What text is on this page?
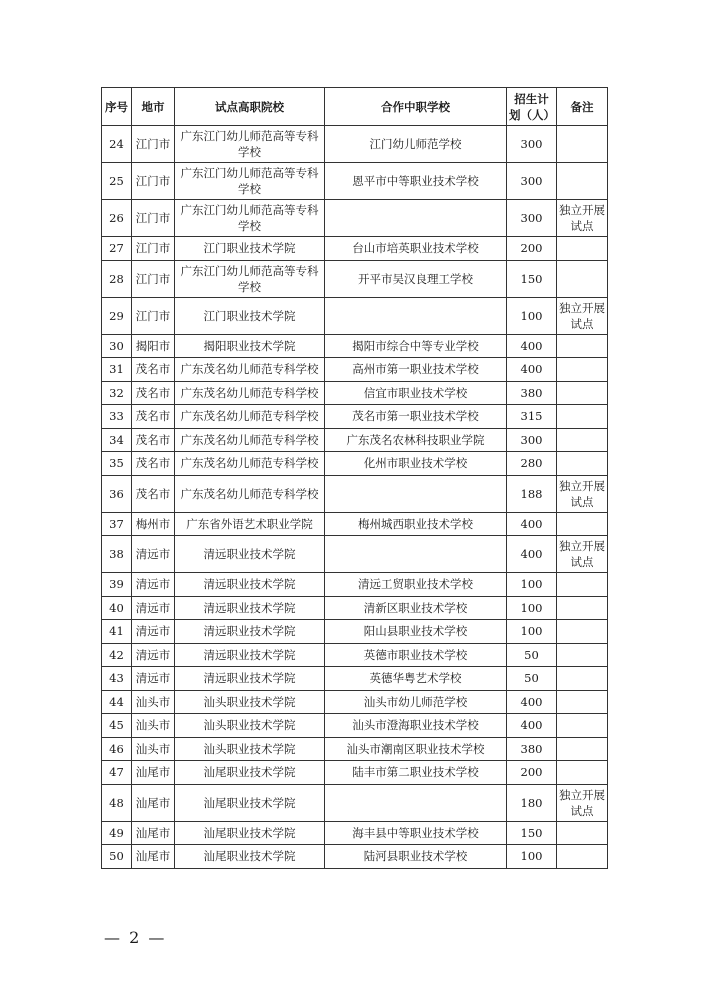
序号	地市	试点高职院校	合作中职学校	招生计划（人）	备注
24	江门市	广东江门幼儿师范高等专科学校	江门幼儿师范学校	300	
25	江门市	广东江门幼儿师范高等专科学校	恩平市中等职业技术学校	300	
26	江门市	广东江门幼儿师范高等专科学校		300	独立开展试点
27	江门市	江门职业技术学院	台山市培英职业技术学校	200	
28	江门市	广东江门幼儿师范高等专科学校	开平市吴汉良理工学校	150	
29	江门市	江门职业技术学院		100	独立开展试点
30	揭阳市	揭阳职业技术学院	揭阳市综合中等专业学校	400	
31	茂名市	广东茂名幼儿师范专科学校	高州市第一职业技术学校	400	
32	茂名市	广东茂名幼儿师范专科学校	信宜市职业技术学校	380	
33	茂名市	广东茂名幼儿师范专科学校	茂名市第一职业技术学校	315	
34	茂名市	广东茂名幼儿师范专科学校	广东茂名农林科技职业学院	300	
35	茂名市	广东茂名幼儿师范专科学校	化州市职业技术学校	280	
36	茂名市	广东茂名幼儿师范专科学校		188	独立开展试点
37	梅州市	广东省外语艺术职业学院	梅州城西职业技术学校	400	
38	清远市	清远职业技术学院		400	独立开展试点
39	清远市	清远职业技术学院	清远工贸职业技术学校	100	
40	清远市	清远职业技术学院	清新区职业技术学校	100	
41	清远市	清远职业技术学院	阳山县职业技术学校	100	
42	清远市	清远职业技术学院	英德市职业技术学校	50	
43	清远市	清远职业技术学院	英德华粤艺术学校	50	
44	汕头市	汕头职业技术学院	汕头市幼儿师范学校	400	
45	汕头市	汕头职业技术学院	汕头市澄海职业技术学校	400	
46	汕头市	汕头职业技术学院	汕头市潮南区职业技术学校	380	
47	汕尾市	汕尾职业技术学院	陆丰市第二职业技术学校	200	
48	汕尾市	汕尾职业技术学院		180	独立开展试点
49	汕尾市	汕尾职业技术学院	海丰县中等职业技术学校	150	
50	汕尾市	汕尾职业技术学院	陆河县职业技术学校	100	
— 2 —
